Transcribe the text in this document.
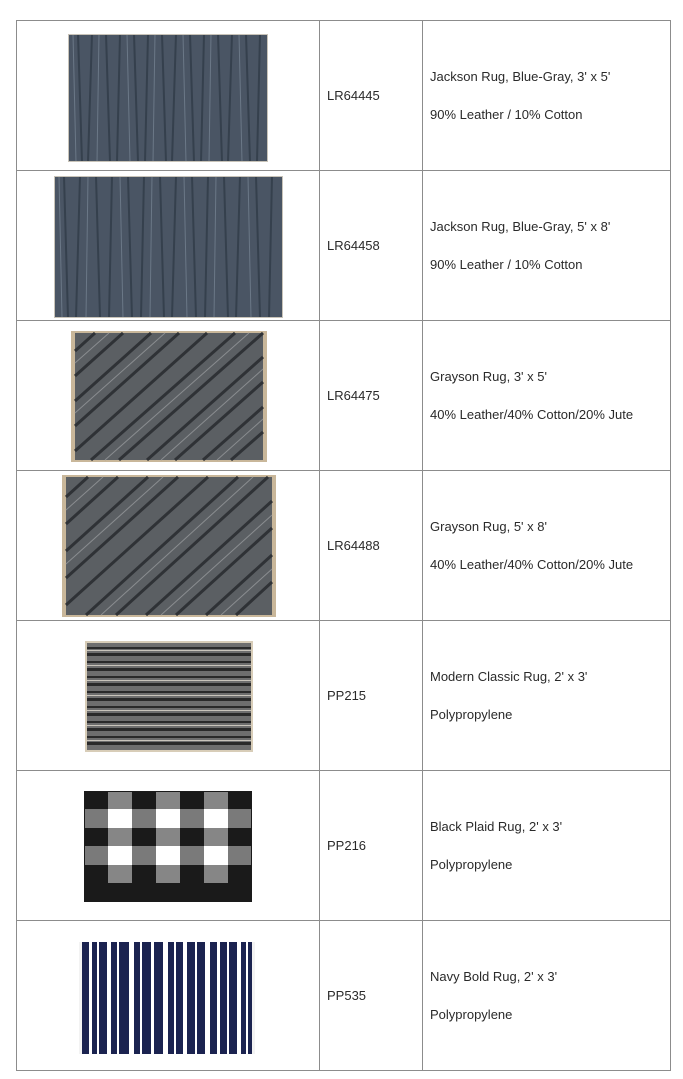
LR64445
Jackson Rug, Blue-Gray, 3' x 5'
90% Leather / 10% Cotton
LR64458
Jackson Rug, Blue-Gray, 5' x 8'
90% Leather / 10% Cotton
LR64475
Grayson Rug, 3' x 5'
40% Leather/40% Cotton/20% Jute
LR64488
Grayson Rug, 5' x 8'
40% Leather/40% Cotton/20% Jute
PP215
Modern Classic Rug, 2' x 3'
Polypropylene
PP216
Black Plaid Rug, 2' x 3'
Polypropylene
PP535
Navy Bold Rug, 2' x 3'
Polypropylene
